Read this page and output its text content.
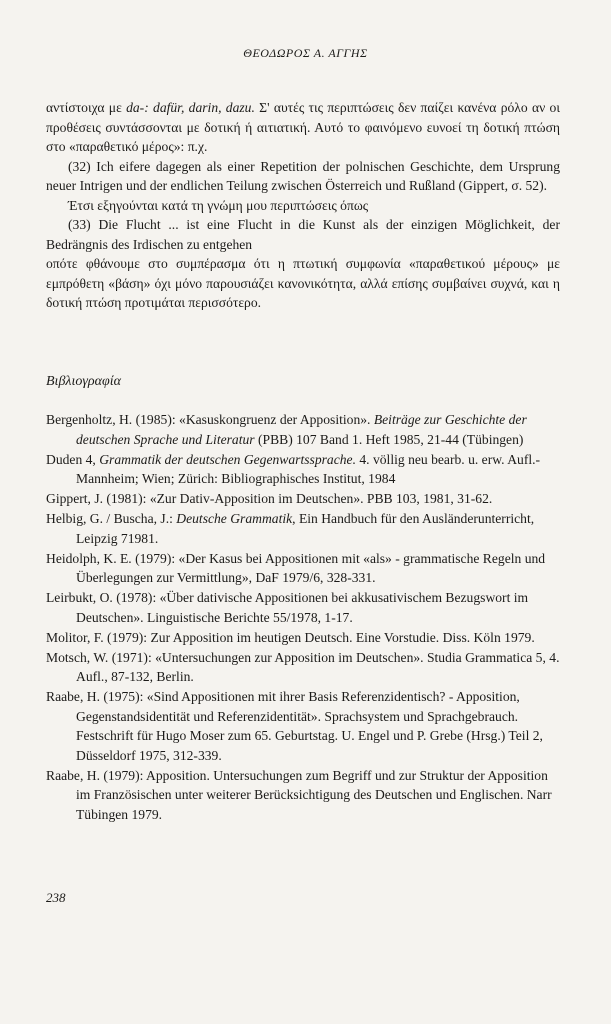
ΘΕΟΔΩΡΟΣ Α. ΑΓΓΗΣ

αντίστοιχα με da-: dafür, darin, dazu. Σ' αυτές τις περιπτώσεις δεν παίζει κανένα ρόλο αν οι προθέσεις συντάσσονται με δοτική ή αιτιατική. Αυτό το φαινόμενο ευνοεί τη δοτική πτώση στο «παραθετικό μέρος»: π.χ.

(32) Ich eifere dagegen als einer Repetition der polnischen Geschichte, dem Ursprung neuer Intrigen und der endlichen Teilung zwischen Österreich und Rußland (Gippert, σ. 52).

Έτσι εξηγούνται κατά τη γνώμη μου περιπτώσεις όπως

(33) Die Flucht ... ist eine Flucht in die Kunst als der einzigen Möglichkeit, der Bedrängnis des Irdischen zu entgehen

οπότε φθάνουμε στο συμπέρασμα ότι η πτωτική συμφωνία «παραθετικού μέρους» με εμπρόθετη «βάση» όχι μόνο παρουσιάζει κανονικότητα, αλλά επίσης συμβαίνει συχνά, και η δοτική πτώση προτιμάται περισσότερο.

Βιβλιογραφία

Bergenholtz, H. (1985): «Kasuskongruenz der Apposition». Beiträge zur Geschichte der deutschen Sprache und Literatur (PBB) 107 Band 1. Heft 1985, 21-44 (Tübingen)

Duden 4, Grammatik der deutschen Gegenwartssprache. 4. völlig neu bearb. u. erw. Aufl.-Mannheim; Wien; Zürich: Bibliographisches Institut, 1984

Gippert, J. (1981): «Zur Dativ-Apposition im Deutschen». PBB 103, 1981, 31-62.

Helbig, G. / Buscha, J.: Deutsche Grammatik, Ein Handbuch für den Ausländerunterricht, Leipzig 71981.

Heidolph, K. E. (1979): «Der Kasus bei Appositionen mit «als» - grammatische Regeln und Überlegungen zur Vermittlung», DaF 1979/6, 328-331.

Leirbukt, O. (1978): «Über dativische Appositionen bei akkusativischem Bezugswort im Deutschen». Linguistische Berichte 55/1978, 1-17.

Molitor, F. (1979): Zur Apposition im heutigen Deutsch. Eine Vorstudie. Diss. Köln 1979.

Motsch, W. (1971): «Untersuchungen zur Apposition im Deutschen». Studia Grammatica 5, 4. Aufl., 87-132, Berlin.

Raabe, H. (1975): «Sind Appositionen mit ihrer Basis Referenzidentisch? - Apposition, Gegenstandsidentität und Referenzidentität». Sprachsystem und Sprachgebrauch. Festschrift für Hugo Moser zum 65. Geburtstag. U. Engel und P. Grebe (Hrsg.) Teil 2, Düsseldorf 1975, 312-339.

Raabe, H. (1979): Apposition. Untersuchungen zum Begriff und zur Struktur der Apposition im Französischen unter weiterer Berücksichtigung des Deutschen und Englischen. Narr Tübingen 1979.

238
